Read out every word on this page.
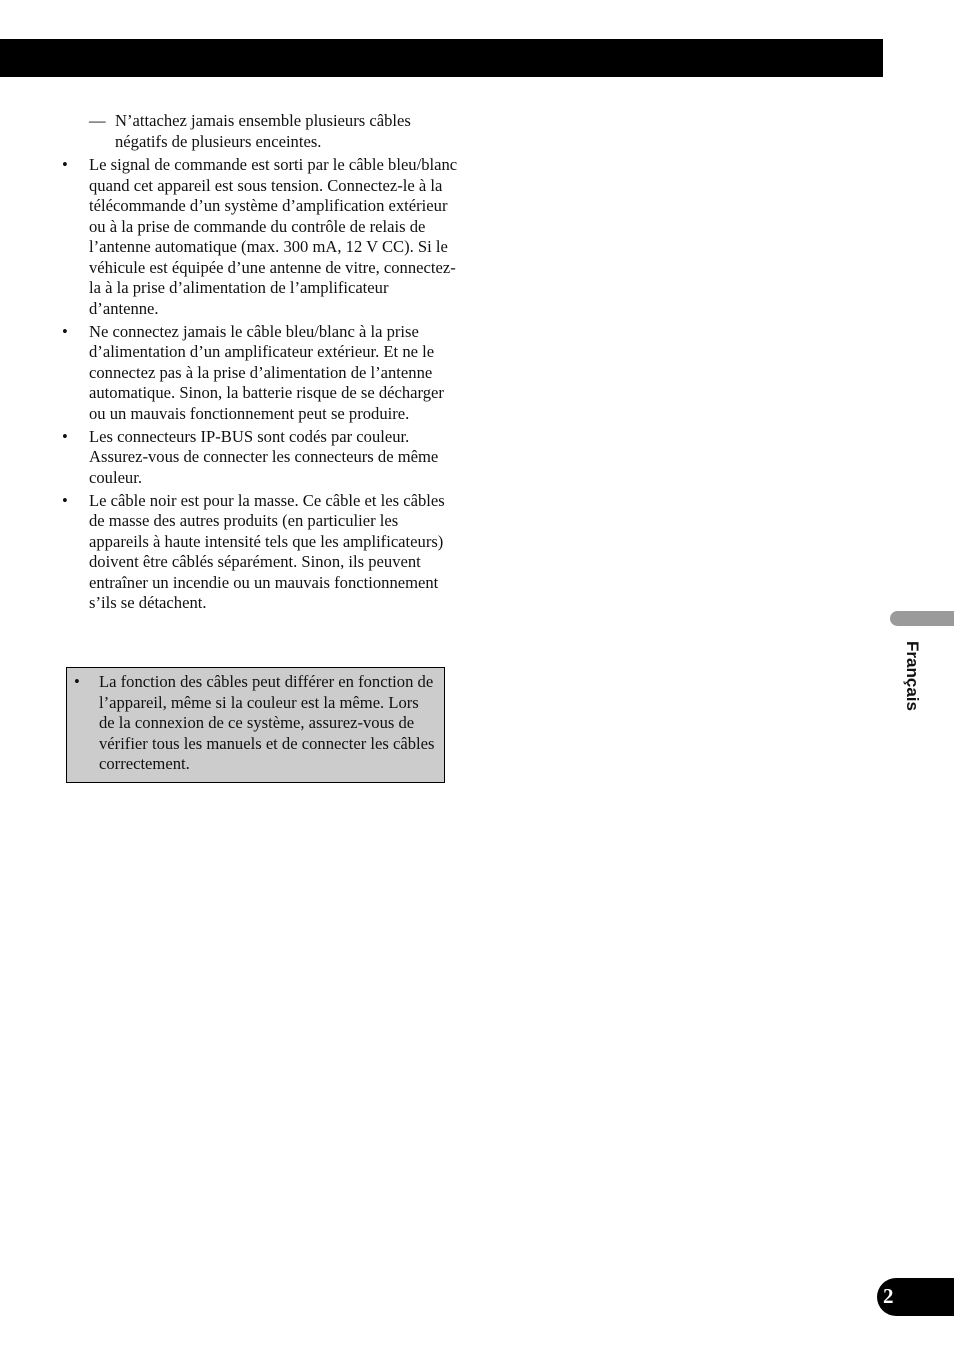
— N’attachez jamais ensemble plusieurs câbles négatifs de plusieurs enceintes.
• Le signal de commande est sorti par le câble bleu/blanc quand cet appareil est sous tension. Connectez-le à la télécommande d’un système d’amplification extérieur ou à la prise de commande du contrôle de relais de l’antenne automatique (max. 300 mA, 12 V CC). Si le véhicule est équipée d’une antenne de vitre, connectez-la à la prise d’alimentation de l’amplificateur d’antenne.
• Ne connectez jamais le câble bleu/blanc à la prise d’alimentation d’un amplificateur extérieur. Et ne le connectez pas à la prise d’alimentation de l’antenne automatique. Sinon, la batterie risque de se décharger ou un mauvais fonctionnement peut se produire.
• Les connecteurs IP-BUS sont codés par couleur. Assurez-vous de connecter les connecteurs de même couleur.
• Le câble noir est pour la masse. Ce câble et les câbles de masse des autres produits (en particulier les appareils à haute intensité tels que les amplificateurs) doivent être câblés séparément. Sinon, ils peuvent entraîner un incendie ou un mauvais fonctionnement s’ils se détachent.
• La fonction des câbles peut différer en fonction de l’appareil, même si la couleur est la même. Lors de la connexion de ce système, assurez-vous de vérifier tous les manuels et de connecter les câbles correctement.
Français
2
